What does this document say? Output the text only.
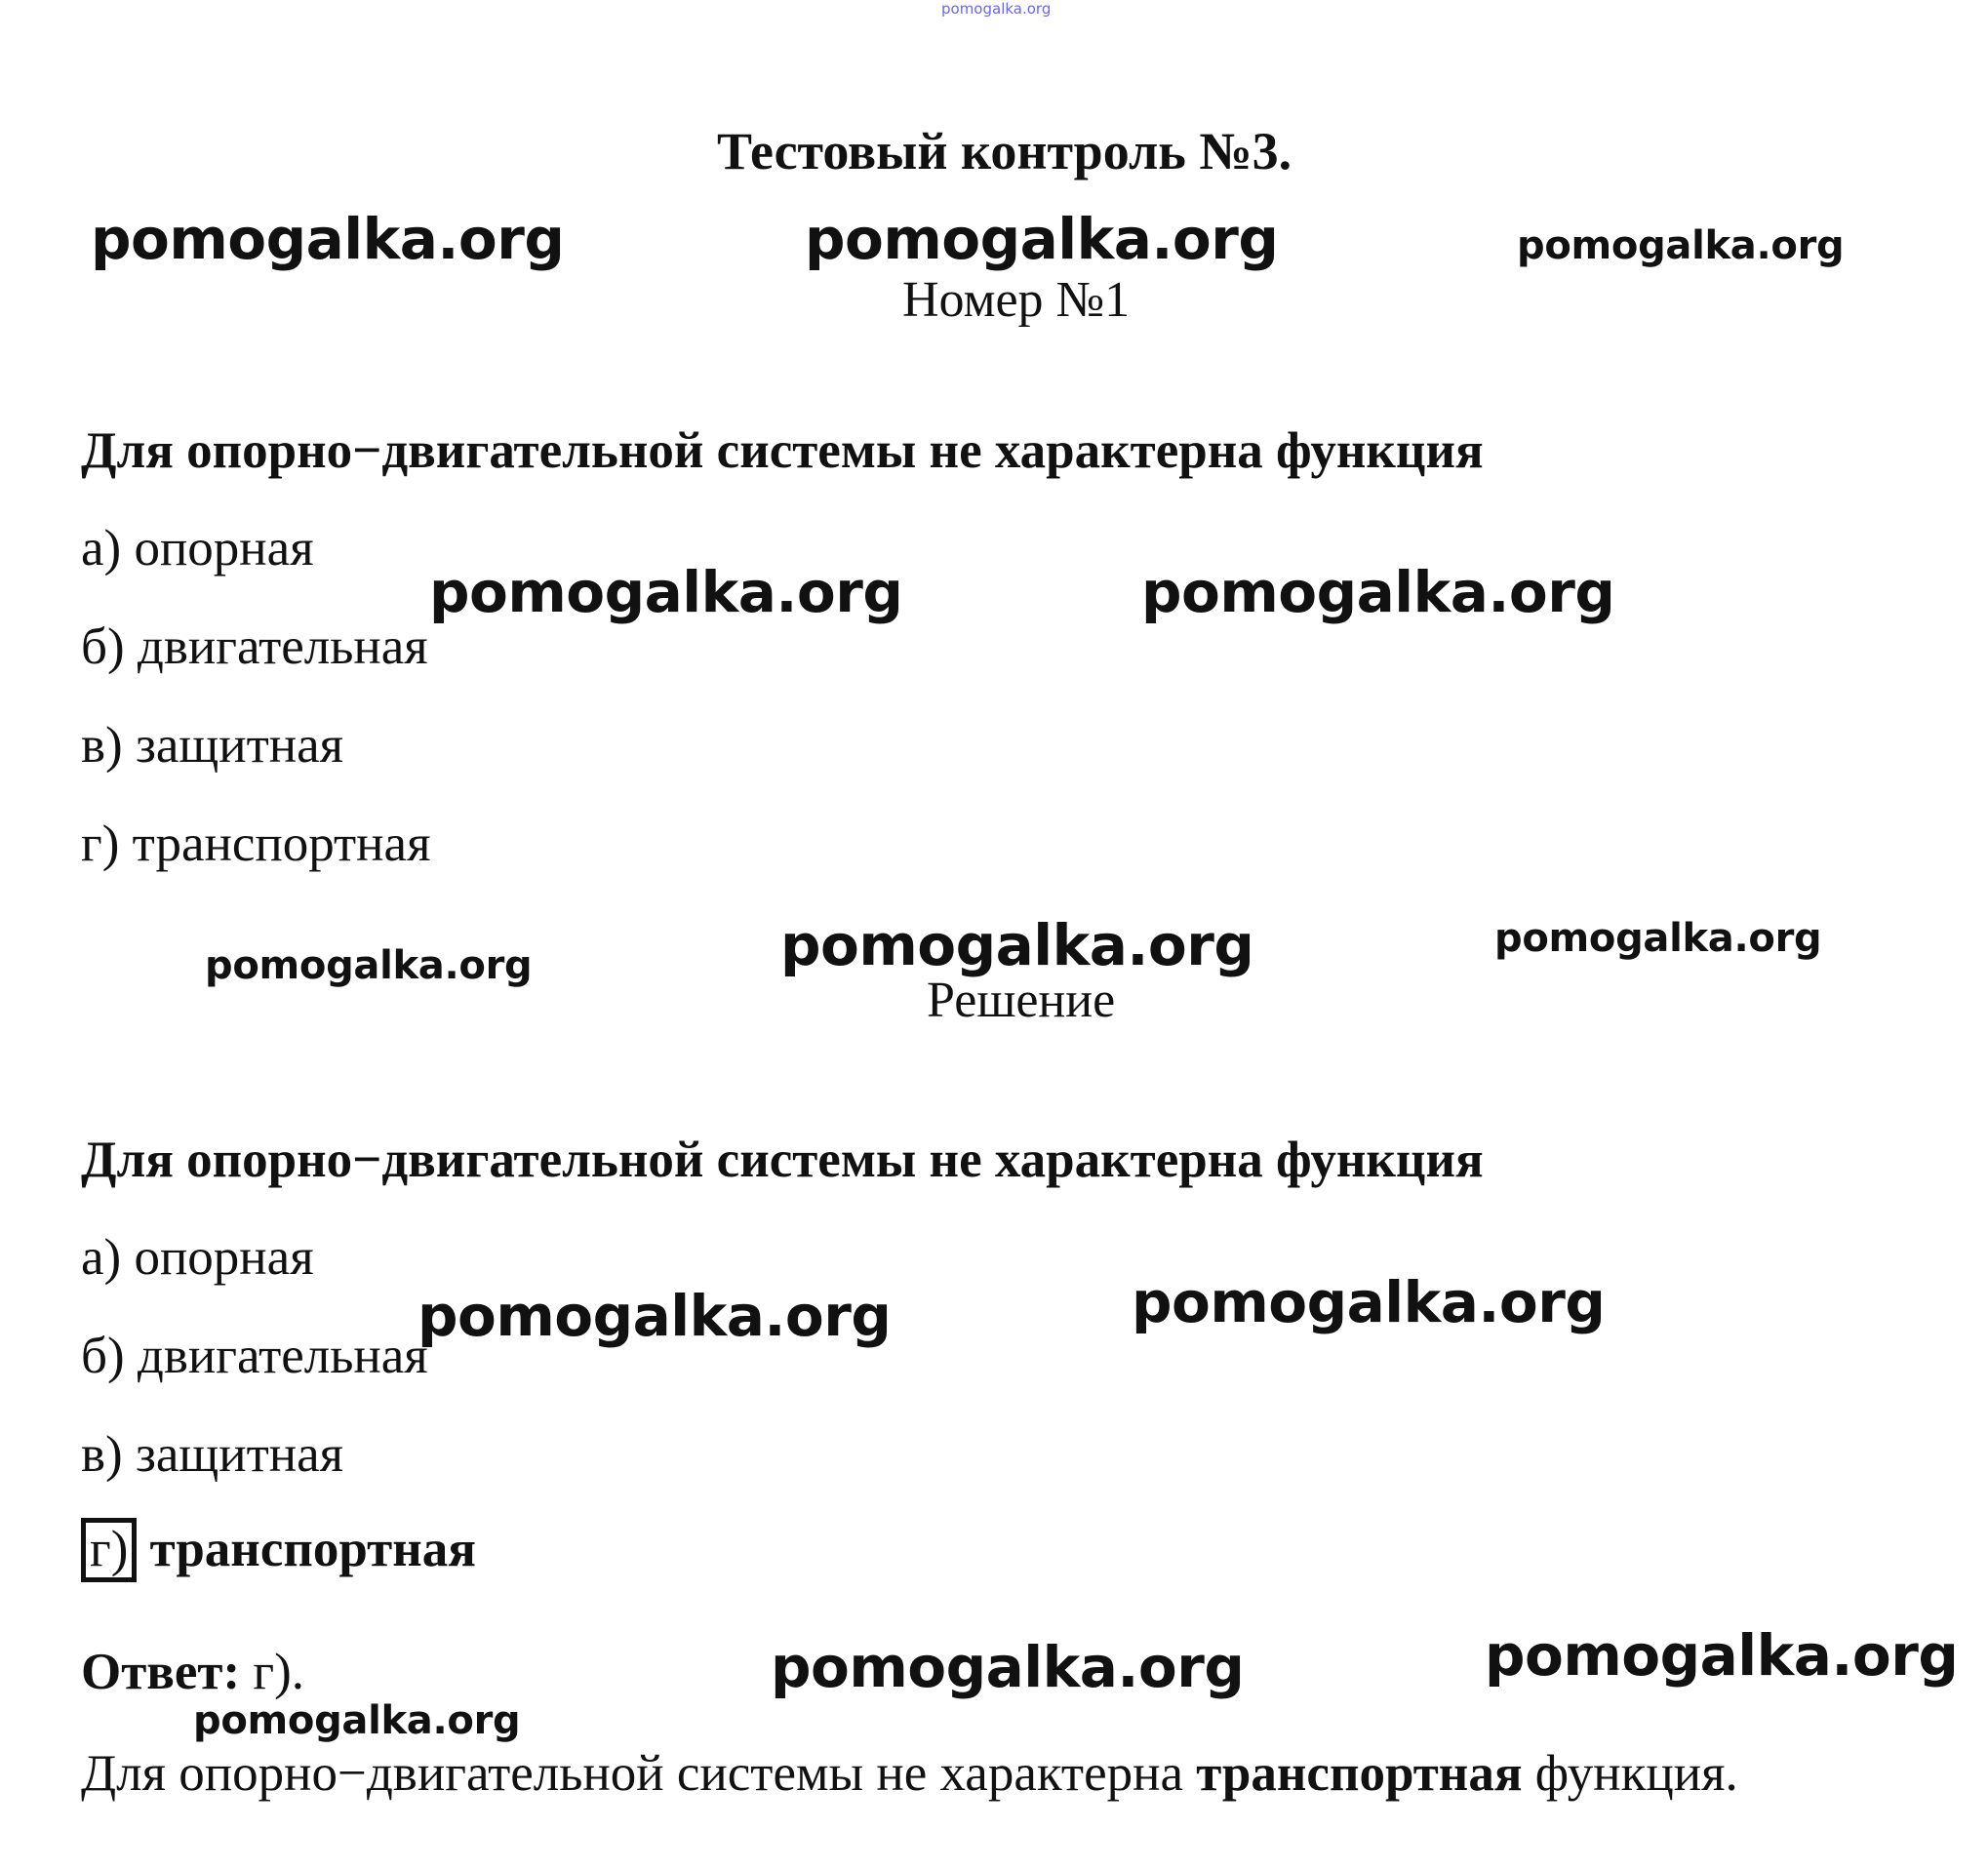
pomogalka.org
Тестовый контроль №3.
pomogalka.org	pomogalka.org	pomogalka.org
Номер №1
Для опорно−двигательной системы не характерна функция
а) опорная
б) двигательная
в) защитная
г) транспортная
pomogalka.org	pomogalka.org
pomogalka.org	pomogalka.org	pomogalka.org
Решение
Для опорно−двигательной системы не характерна функция
а) опорная
б) двигательная
в) защитная
г) транспортная
pomogalka.org	pomogalka.org
Ответ: г).	pomogalka.org	pomogalka.org
pomogalka.org
Для опорно−двигательной системы не характерна транспортная функция.
